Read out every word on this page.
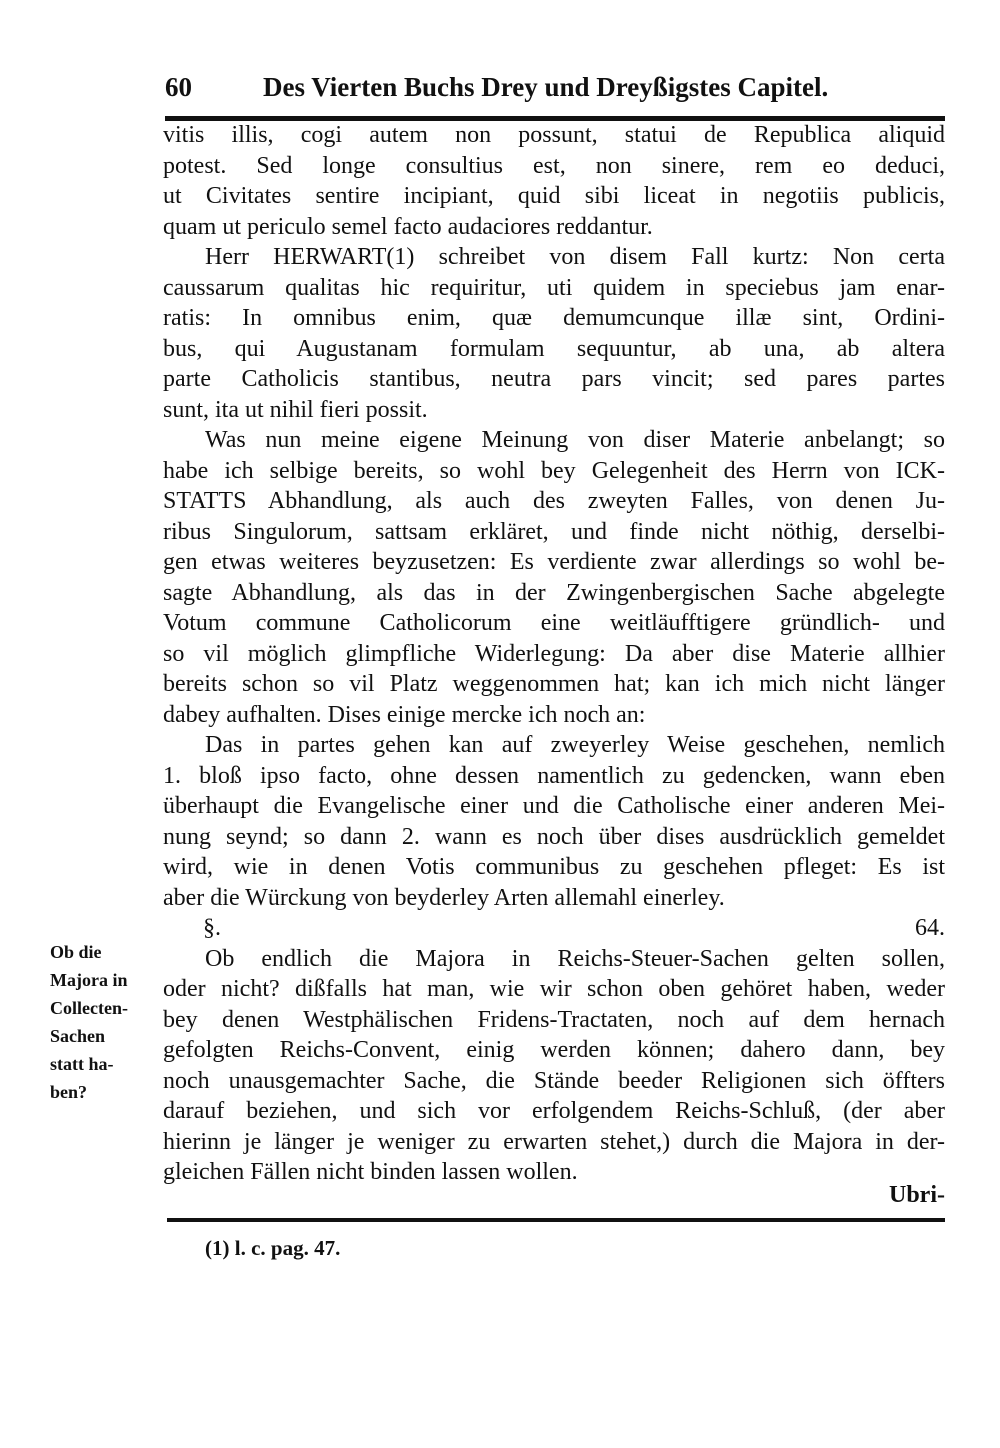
60	Des Vierten Buchs Drey und Dreyßigstes Capitel.

vitis illis, cogi autem non possunt, statui de Republica aliquid

potest. Sed longe consultius est, non sinere, rem eo deduci,

ut Civitates sentire incipiant, quid sibi liceat in negotiis publicis,

quam ut periculo semel facto audaciores reddantur.

Herr HERWART(1) schreibet von disem Fall kurtz: Non certa

caussarum qualitas hic requiritur, uti quidem in speciebus jam enar-

ratis: In omnibus enim, quæ demumcunque illæ sint, Ordini-

bus, qui Augustanam formulam sequuntur, ab una, ab altera

parte Catholicis stantibus, neutra pars vincit; sed pares partes

sunt, ita ut nihil fieri possit.

Was nun meine eigene Meinung von diser Materie anbelangt; so

habe ich selbige bereits, so wohl bey Gelegenheit des Herrn von ICK-

STATTS Abhandlung, als auch des zweyten Falles, von denen Ju-

ribus Singulorum, sattsam erkläret, und finde nicht nöthig, derselbi-

gen etwas weiteres beyzusetzen: Es verdiente zwar allerdings so wohl be-

sagte Abhandlung, als das in der Zwingenbergischen Sache abgelegte

Votum commune Catholicorum eine weitläufftigere gründlich- und

so vil möglich glimpfliche Widerlegung: Da aber dise Materie allhier

bereits schon so vil Platz weggenommen hat; kan ich mich nicht länger

dabey aufhalten. Dises einige mercke ich noch an:

Das in partes gehen kan auf zweyerley Weise geschehen, nemlich

1. bloß ipso facto, ohne dessen namentlich zu gedencken, wann eben

überhaupt die Evangelische einer und die Catholische einer anderen Mei-

nung seynd; so dann 2. wann es noch über dises ausdrücklich gemeldet

wird, wie in denen Votis communibus zu geschehen pfleget: Es ist

aber die Würckung von beyderley Arten allemahl einerley.

§. 64.

Ob endlich die Majora in Reichs-Steuer-Sachen gelten sollen,

oder nicht? dißfalls hat man, wie wir schon oben gehöret haben, weder

bey denen Westphälischen Fridens-Tractaten, noch auf dem hernach

gefolgten Reichs-Convent, einig werden können; dahero dann, bey

noch unausgemachter Sache, die Stände beeder Religionen sich öffters

darauf beziehen, und sich vor erfolgendem Reichs-Schluß, (der aber

hierinn je länger je weniger zu erwarten stehet,) durch die Majora in der-

gleichen Fällen nicht binden lassen wollen.

Ob die
Majora in
Collecten-
Sachen
statt ha-
ben?
Ubri-
(1) l. c. pag. 47.
